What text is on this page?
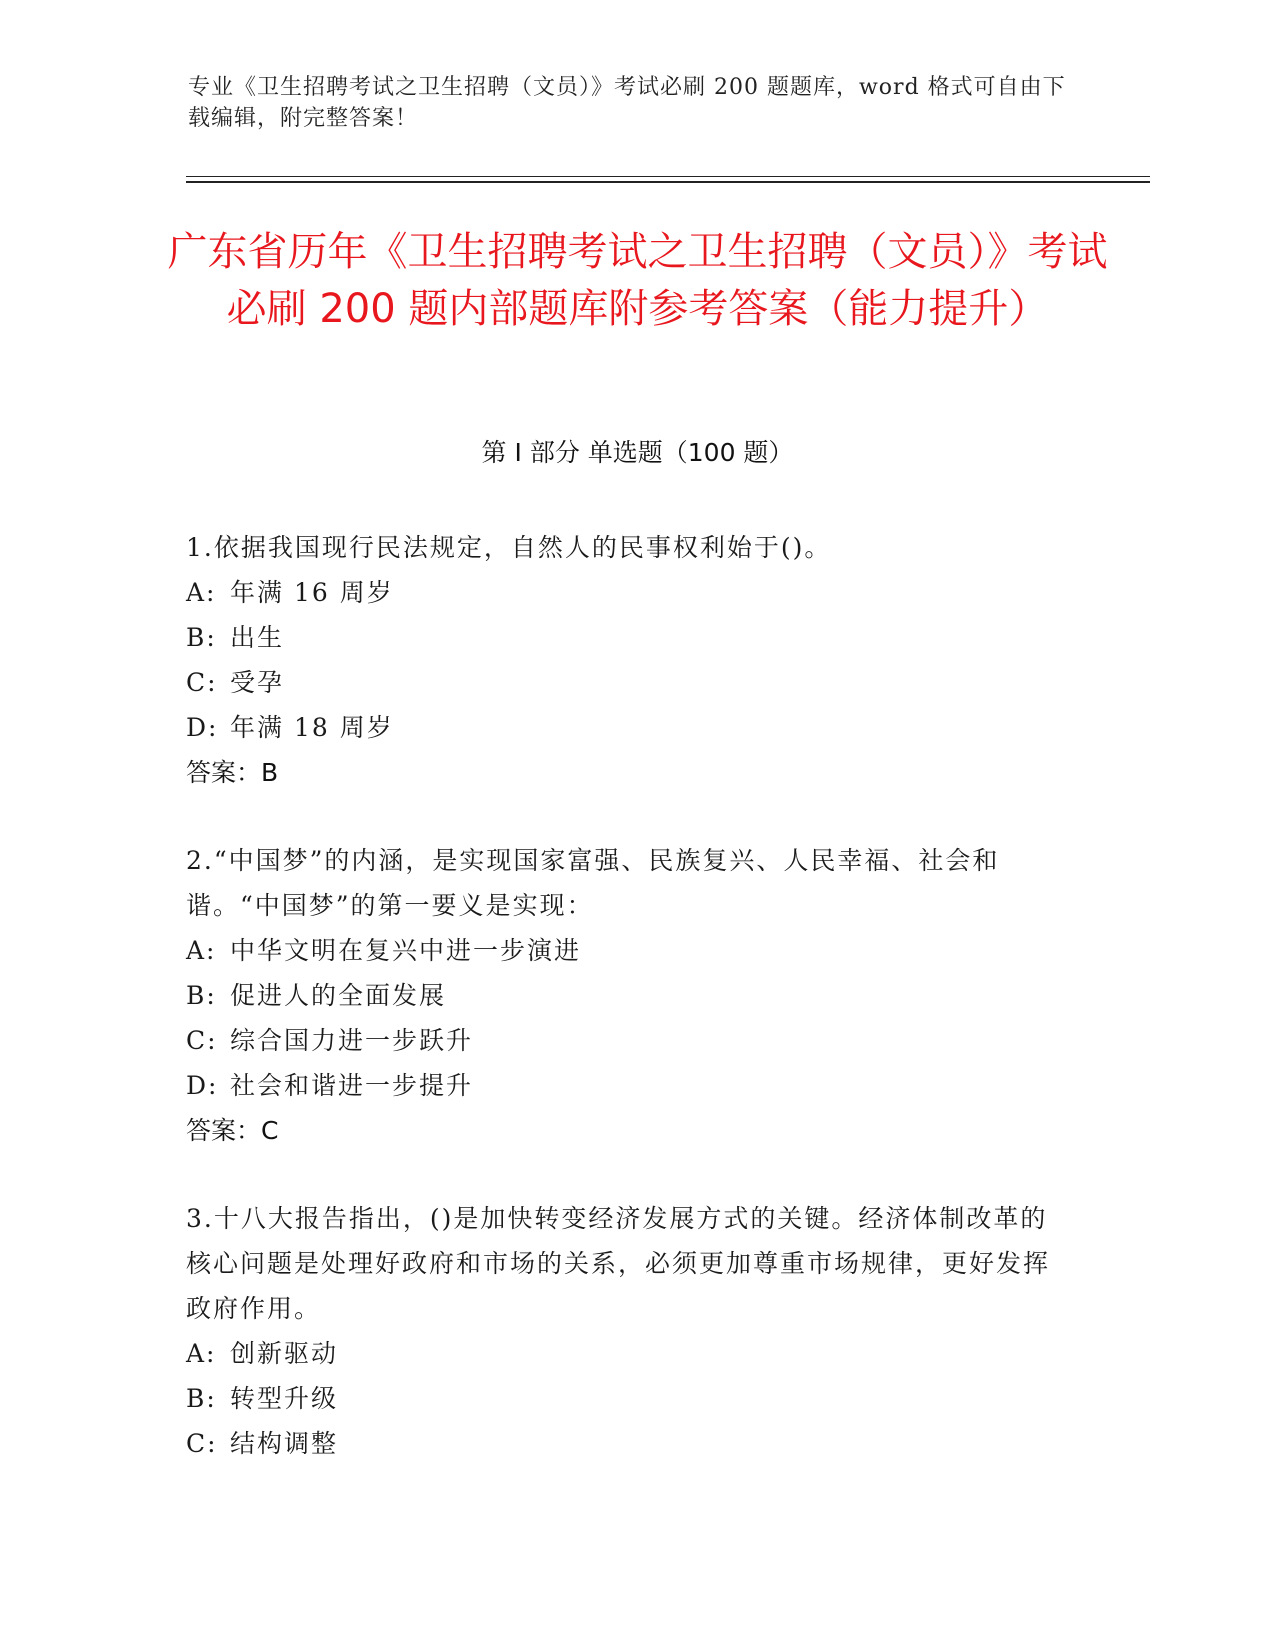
专业《卫生招聘考试之卫生招聘（文员）》考试必刷 200 题题库，word 格式可自由下载编辑，附完整答案！
广东省历年《卫生招聘考试之卫生招聘（文员）》考试必刷 200 题内部题库附参考答案（能力提升）
第 I 部分 单选题（100 题）
1.依据我国现行民法规定，自然人的民事权利始于()。
A: 年满 16 周岁
B: 出生
C: 受孕
D: 年满 18 周岁
答案：B
2.“中国梦”的内涵，是实现国家富强、民族复兴、人民幸福、社会和谐。“中国梦”的第一要义是实现：
A: 中华文明在复兴中进一步演进
B: 促进人的全面发展
C: 综合国力进一步跃升
D: 社会和谐进一步提升
答案：C
3.十八大报告指出，()是加快转变经济发展方式的关键。经济体制改革的核心问题是处理好政府和市场的关系，必须更加尊重市场规律，更好发挥政府作用。
A: 创新驱动
B: 转型升级
C: 结构调整
